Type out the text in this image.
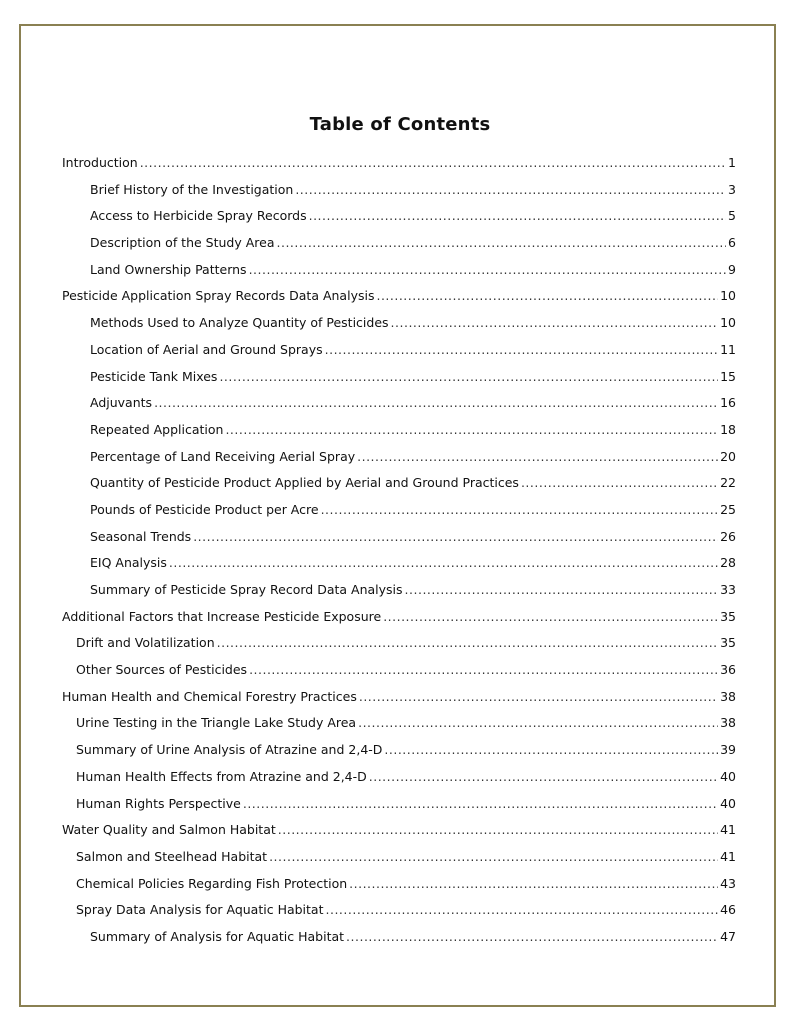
Table of Contents
Introduction .....	1
Brief History of the Investigation .....	3
Access to Herbicide Spray Records .....	5
Description of the Study Area .....	6
Land Ownership Patterns .....	9
Pesticide Application Spray Records Data Analysis .....	10
Methods Used to Analyze Quantity of Pesticides .....	10
Location of Aerial and Ground Sprays .....	11
Pesticide Tank Mixes .....	15
Adjuvants .....	16
Repeated Application .....	18
Percentage of Land Receiving Aerial Spray .....	20
Quantity of Pesticide Product Applied by Aerial and Ground Practices .....	22
Pounds of Pesticide Product per Acre .....	25
Seasonal Trends .....	26
EIQ Analysis .....	28
Summary of Pesticide Spray Record Data Analysis .....	33
Additional Factors that Increase Pesticide Exposure .....	35
Drift and Volatilization .....	35
Other Sources of Pesticides .....	36
Human Health and Chemical Forestry Practices .....	38
Urine Testing in the Triangle Lake Study Area .....	38
Summary of Urine Analysis of Atrazine and 2,4-D .....	39
Human Health Effects from Atrazine and 2,4-D .....	40
Human Rights Perspective .....	40
Water Quality and Salmon Habitat .....	41
Salmon and Steelhead Habitat .....	41
Chemical Policies Regarding Fish Protection .....	43
Spray Data Analysis for Aquatic Habitat .....	46
Summary of Analysis for Aquatic Habitat .....	47
